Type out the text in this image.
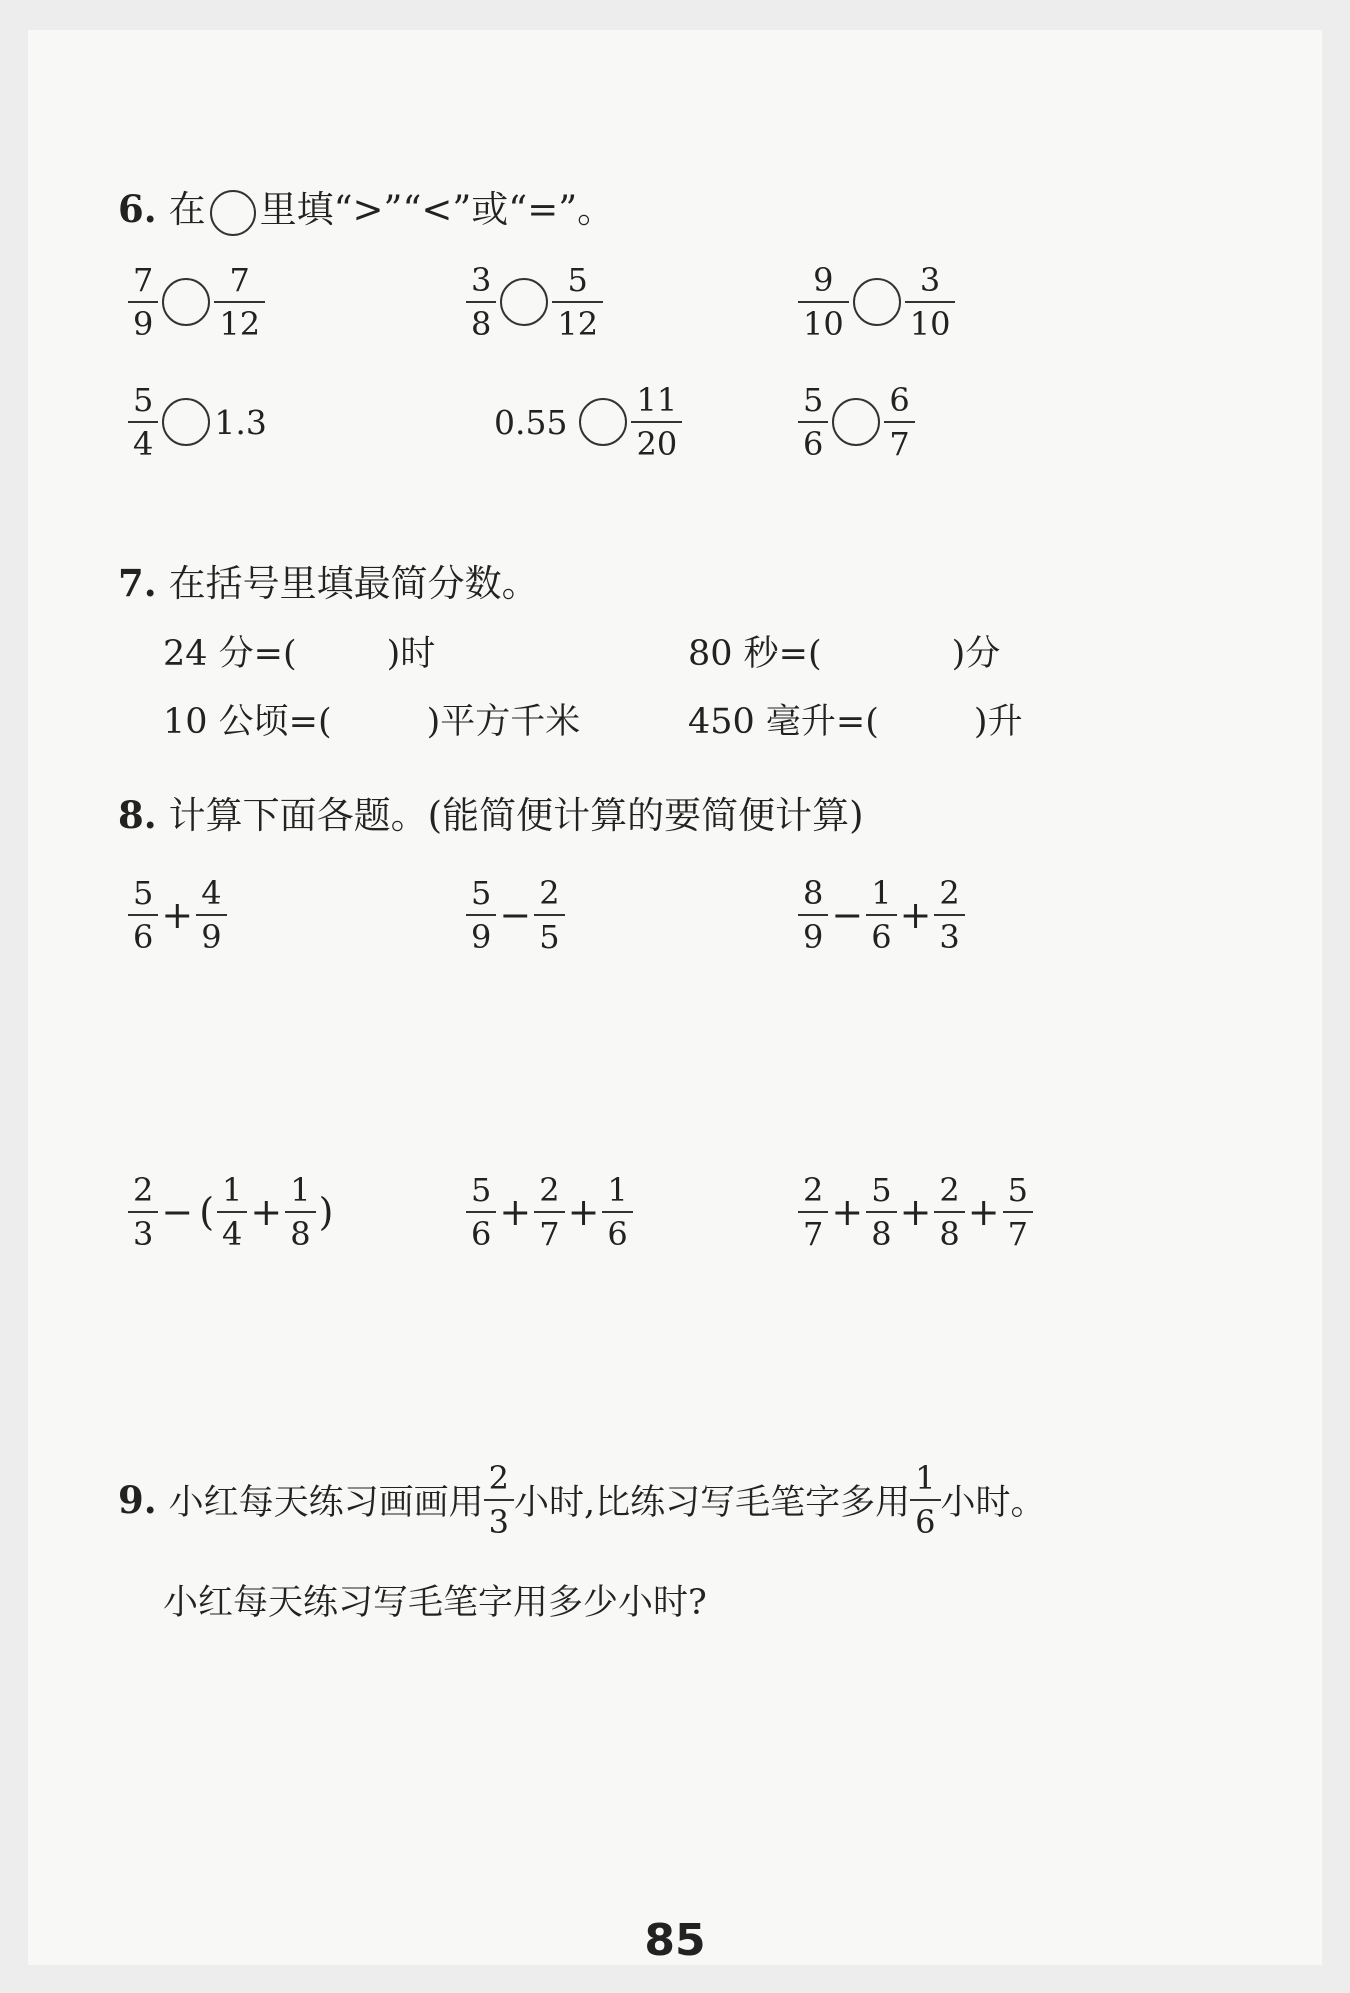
6. 在 里填“>”“<”或“=”。
$\frac{7}{9} \frac{7}{12}$	$\frac{3}{8} \frac{5}{12}$	$\frac{9}{10} \frac{3}{10}$
$\frac{5}{4} 1.3$	$0.55 \frac{11}{20}$	$\frac{5}{6} \frac{6}{7}$
7. 在括号里填最简分数。
24 分=(	)时	80 秒=(	)分
10 公顷=(	)平方千米	450 毫升=(	)升
8. 计算下面各题。(能简便计算的要简便计算)
$\frac{5}{6} + \frac{4}{9}$	$\frac{5}{9} - \frac{2}{5}$	$\frac{8}{9} - \frac{1}{6} + \frac{2}{3}$
$\frac{2}{3}$ − ( $\frac{1}{4} + \frac{1}{8}$ )	$\frac{5}{6} + \frac{2}{7} + \frac{1}{6}$	$\frac{2}{7} + \frac{5}{8} + \frac{2}{8} + \frac{5}{7}$
9. 小红每天练习画画用 $\frac{2}{3}$ 小时,比练习写毛笔字多用 $\frac{1}{6}$ 小时。
小红每天练习写毛笔字用多少小时?
85
